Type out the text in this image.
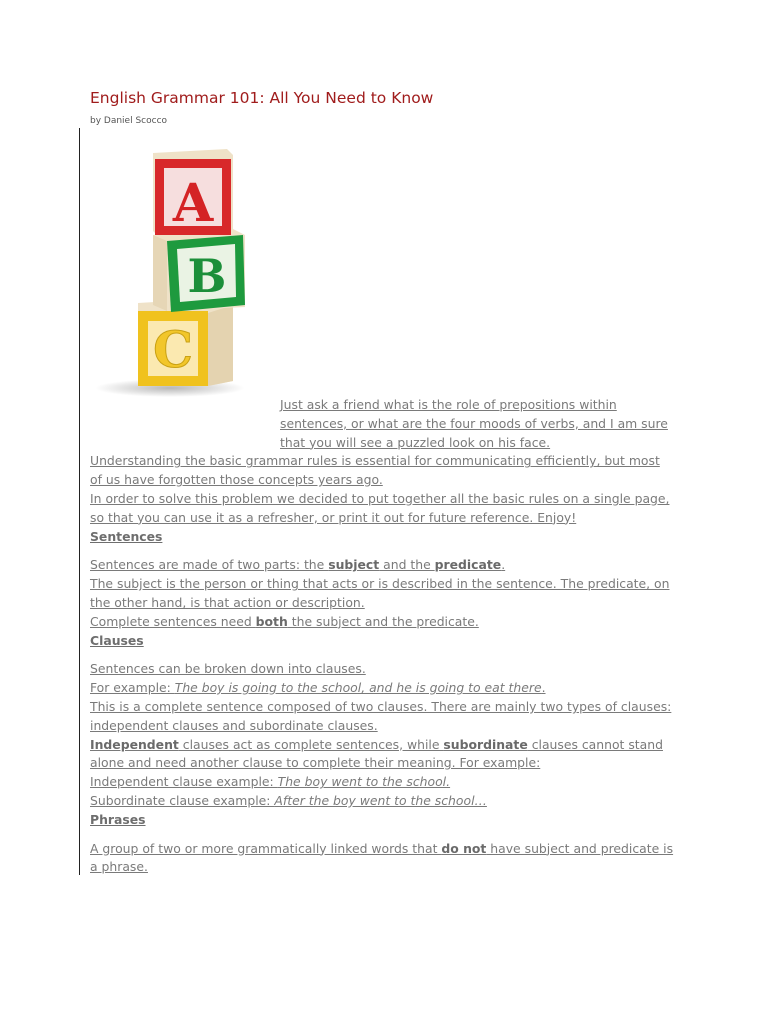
English Grammar 101: All You Need to Know
by Daniel Scocco
C
B
A

Just ask a friend what is the role of prepositions within sentences, or what are the four moods of verbs, and I am sure that you will see a puzzled look on his face.

Understanding the basic grammar rules is essential for communicating efficiently, but most of us have forgotten those concepts years ago.

In order to solve this problem we decided to put together all the basic rules on a single page, so that you can use it as a refresher, or print it out for future reference. Enjoy!

Sentences

Sentences are made of two parts: the subject and the predicate.

The subject is the person or thing that acts or is described in the sentence. The predicate, on the other hand, is that action or description.

Complete sentences need both the subject and the predicate.

Clauses

Sentences can be broken down into clauses.

For example: The boy is going to the school, and he is going to eat there.

This is a complete sentence composed of two clauses. There are mainly two types of clauses: independent clauses and subordinate clauses.

Independent clauses act as complete sentences, while subordinate clauses cannot stand alone and need another clause to complete their meaning. For example:

Independent clause example: The boy went to the school.

Subordinate clause example: After the boy went to the school…

Phrases

A group of two or more grammatically linked words that do not have subject and predicate is a phrase.
